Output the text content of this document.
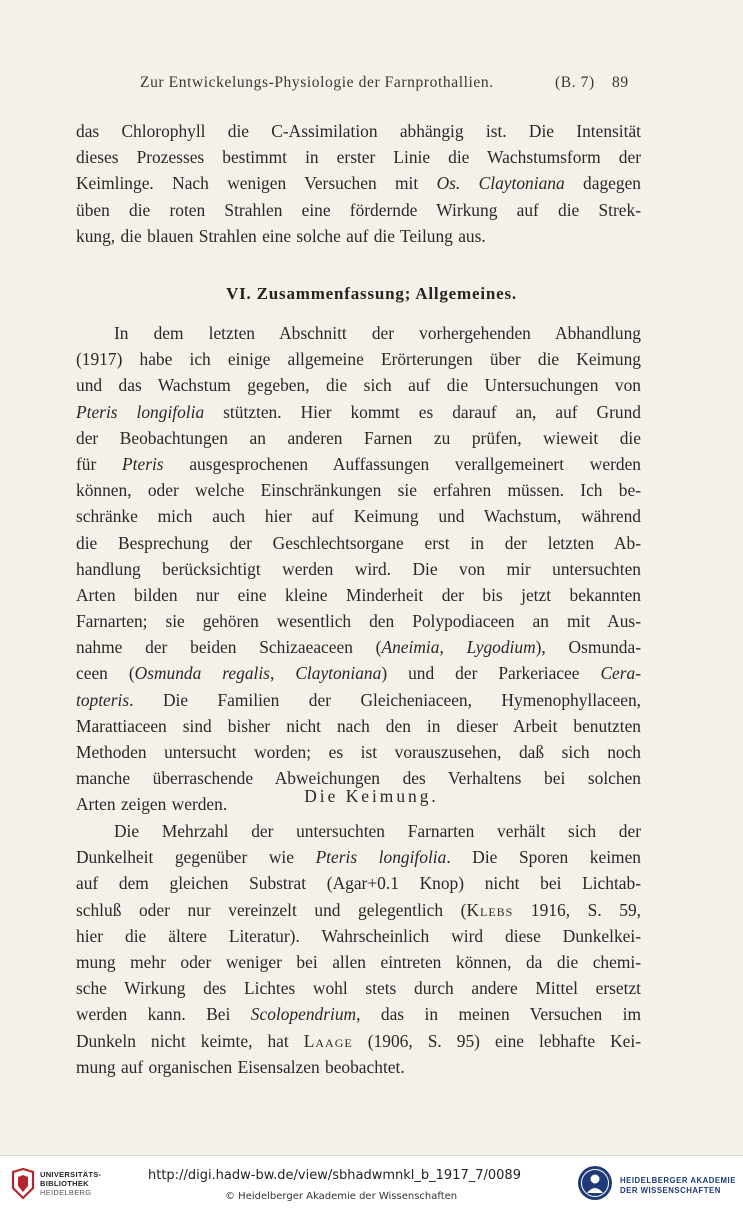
Zur Entwickelungs-Physiologie der Farnprothallien.	(B. 7) 89
das Chlorophyll die C-Assimilation abhängig ist. Die Intensität
dieses Prozesses bestimmt in erster Linie die Wachstumsform der
Keimlinge. Nach wenigen Versuchen mit Os. Claytoniana dagegen
üben die roten Strahlen eine fördernde Wirkung auf die Strek-
kung, die blauen Strahlen eine solche auf die Teilung aus.
VI. Zusammenfassung; Allgemeines.
In dem letzten Abschnitt der vorhergehenden Abhandlung
(1917) habe ich einige allgemeine Erörterungen über die Keimung
und das Wachstum gegeben, die sich auf die Untersuchungen von
Pteris longifolia stützten. Hier kommt es darauf an, auf Grund
der Beobachtungen an anderen Farnen zu prüfen, wieweit die
für Pteris ausgesprochenen Auffassungen verallgemeinert werden
können, oder welche Einschränkungen sie erfahren müssen. Ich be-
schränke mich auch hier auf Keimung und Wachstum, während
die Besprechung der Geschlechtsorgane erst in der letzten Ab-
handlung berücksichtigt werden wird. Die von mir untersuchten
Arten bilden nur eine kleine Minderheit der bis jetzt bekannten
Farnarten; sie gehören wesentlich den Polypodiaceen an mit Aus-
nahme der beiden Schizaeaceen (Aneimia, Lygodium), Osmunda-
ceen (Osmunda regalis, Claytoniana) und der Parkeriacee Cera-
topteris. Die Familien der Gleicheniaceen, Hymenophyllaceen,
Marattiaceen sind bisher nicht nach den in dieser Arbeit benutzten
Methoden untersucht worden; es ist vorauszusehen, daß sich noch
manche überraschende Abweichungen des Verhaltens bei solchen
Arten zeigen werden.	Die Keimung.
Die Mehrzahl der untersuchten Farnarten verhält sich der
Dunkelheit gegenüber wie Pteris longifolia. Die Sporen keimen
auf dem gleichen Substrat (Agar+0.1 Knop) nicht bei Lichtab-
schluß oder nur vereinzelt und gelegentlich (Klebs 1916, S. 59,
hier die ältere Literatur). Wahrscheinlich wird diese Dunkelkei-
mung mehr oder weniger bei allen eintreten können, da die chemi-
sche Wirkung des Lichtes wohl stets durch andere Mittel ersetzt
werden kann. Bei Scolopendrium, das in meinen Versuchen im
Dunkeln nicht keimte, hat Laage (1906, S. 95) eine lebhafte Kei-
mung auf organischen Eisensalzen beobachtet.
UNIVERSITÄTS-
BIBLIOTHEK
HEIDELBERG
http://digi.hadw-bw.de/view/sbhadwmnkl_b_1917_7/0089
© Heidelberger Akademie der Wissenschaften
HEIDELBERGER AKADEMIE
DER WISSENSCHAFTEN
